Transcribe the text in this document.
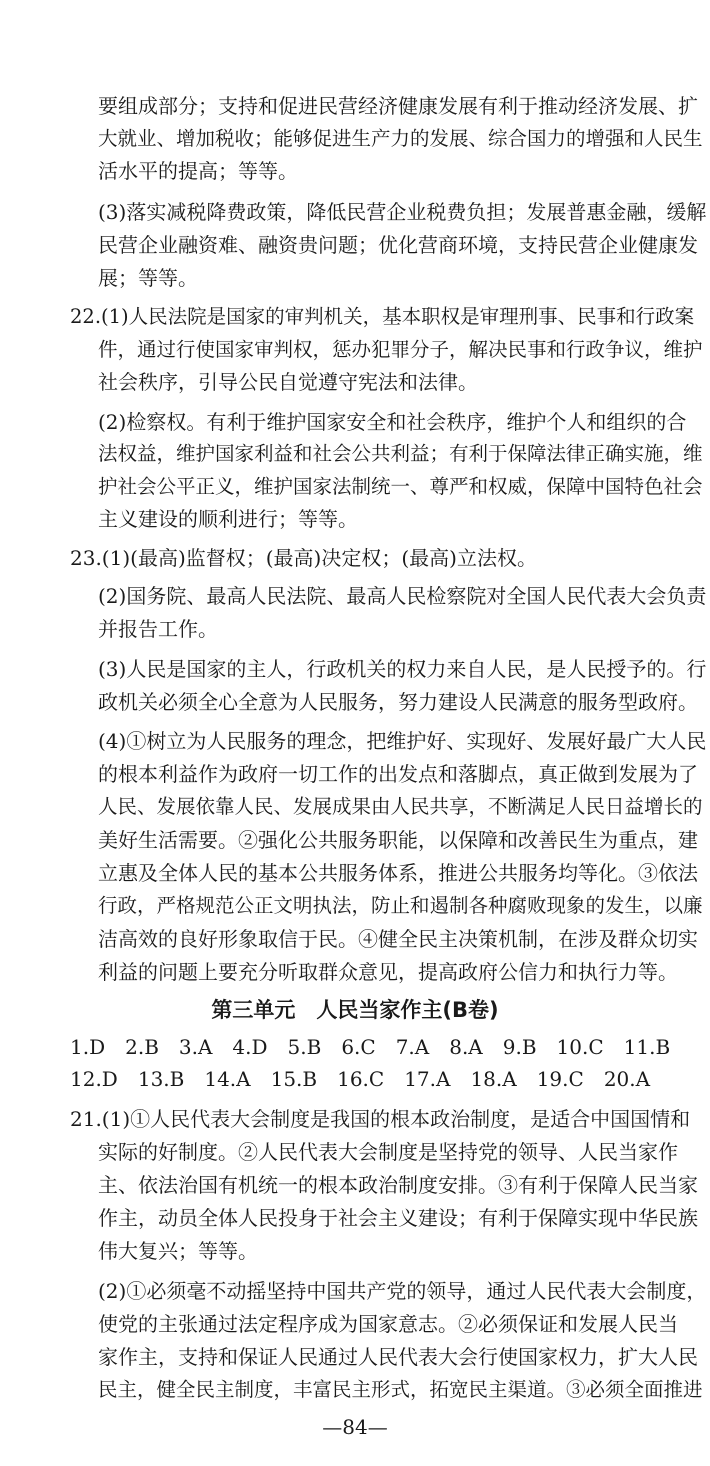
要组成部分；支持和促进民营经济健康发展有利于推动经济发展、扩
大就业、增加税收；能够促进生产力的发展、综合国力的增强和人民生
活水平的提高；等等。
(3)落实减税降费政策，降低民营企业税费负担；发展普惠金融，缓解
民营企业融资难、融资贵问题；优化营商环境，支持民营企业健康发
展；等等。
22.(1)人民法院是国家的审判机关，基本职权是审理刑事、民事和行政案
件，通过行使国家审判权，惩办犯罪分子，解决民事和行政争议，维护
社会秩序，引导公民自觉遵守宪法和法律。
(2)检察权。有利于维护国家安全和社会秩序，维护个人和组织的合
法权益，维护国家利益和社会公共利益；有利于保障法律正确实施，维
护社会公平正义，维护国家法制统一、尊严和权威，保障中国特色社会
主义建设的顺利进行；等等。
23.(1)(最高)监督权；(最高)决定权；(最高)立法权。
(2)国务院、最高人民法院、最高人民检察院对全国人民代表大会负责
并报告工作。
(3)人民是国家的主人，行政机关的权力来自人民，是人民授予的。行
政机关必须全心全意为人民服务，努力建设人民满意的服务型政府。
(4)①树立为人民服务的理念，把维护好、实现好、发展好最广大人民
的根本利益作为政府一切工作的出发点和落脚点，真正做到发展为了
人民、发展依靠人民、发展成果由人民共享，不断满足人民日益增长的
美好生活需要。②强化公共服务职能，以保障和改善民生为重点，建
立惠及全体人民的基本公共服务体系，推进公共服务均等化。③依法
行政，严格规范公正文明执法，防止和遏制各种腐败现象的发生，以廉
洁高效的良好形象取信于民。④健全民主决策机制，在涉及群众切实
利益的问题上要充分听取群众意见，提高政府公信力和执行力等。
第三单元　人民当家作主(B卷)
1.D　2.B　3.A　4.D　5.B　6.C　7.A　8.A　9.B　10.C　11.B
12.D　13.B　14.A　15.B　16.C　17.A　18.A　19.C　20.A
21.(1)①人民代表大会制度是我国的根本政治制度，是适合中国国情和
实际的好制度。②人民代表大会制度是坚持党的领导、人民当家作
主、依法治国有机统一的根本政治制度安排。③有利于保障人民当家
作主，动员全体人民投身于社会主义建设；有利于保障实现中华民族
伟大复兴；等等。
(2)①必须毫不动摇坚持中国共产党的领导，通过人民代表大会制度，
使党的主张通过法定程序成为国家意志。②必须保证和发展人民当
家作主，支持和保证人民通过人民代表大会行使国家权力，扩大人民
民主，健全民主制度，丰富民主形式，拓宽民主渠道。③必须全面推进
—84—
